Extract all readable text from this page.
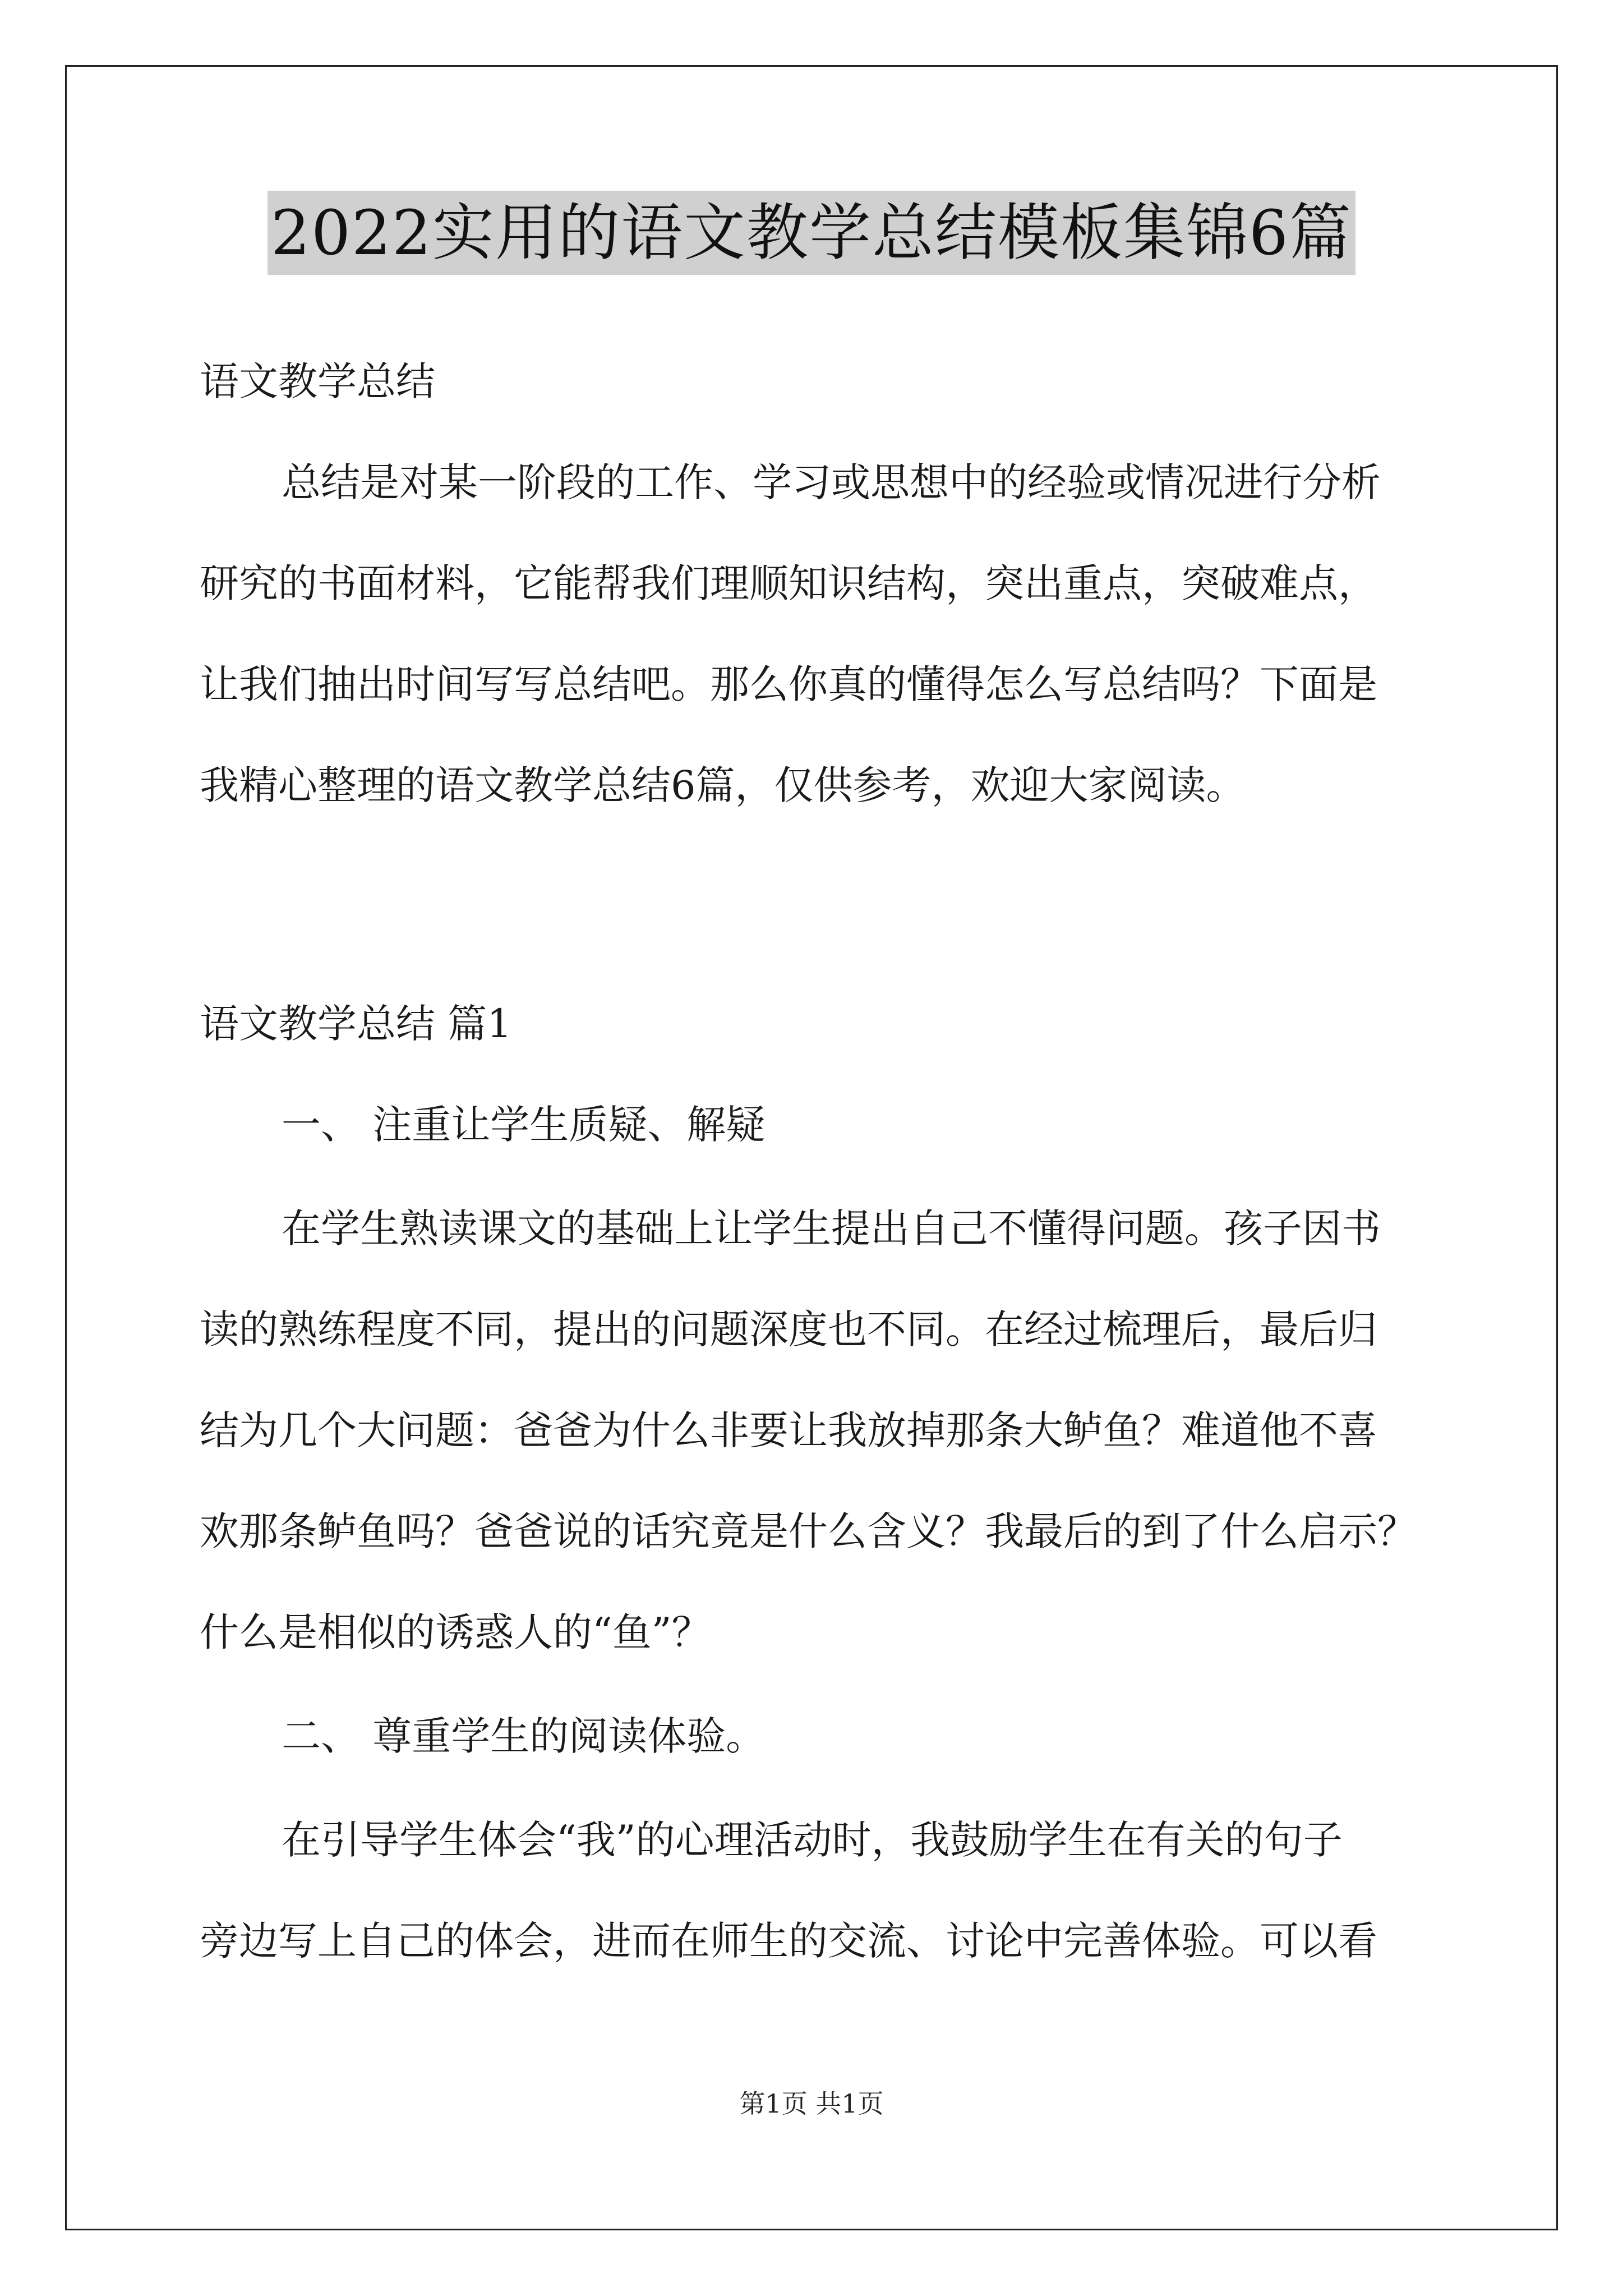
2022实用的语文教学总结模板集锦6篇
语文教学总结
总结是对某一阶段的工作、学习或思想中的经验或情况进行分析
研究的书面材料，它能帮我们理顺知识结构，突出重点，突破难点，
让我们抽出时间写写总结吧。那么你真的懂得怎么写总结吗？下面是
我精心整理的语文教学总结6篇，仅供参考，欢迎大家阅读。
语文教学总结 篇1
一、 注重让学生质疑、解疑
在学生熟读课文的基础上让学生提出自己不懂得问题。孩子因书
读的熟练程度不同，提出的问题深度也不同。在经过梳理后，最后归
结为几个大问题：爸爸为什么非要让我放掉那条大鲈鱼？难道他不喜
欢那条鲈鱼吗？爸爸说的话究竟是什么含义？我最后的到了什么启示？
什么是相似的诱惑人的“鱼”？
二、 尊重学生的阅读体验。
在引导学生体会“我”的心理活动时，我鼓励学生在有关的句子
旁边写上自己的体会，进而在师生的交流、讨论中完善体验。可以看
第1页 共1页
